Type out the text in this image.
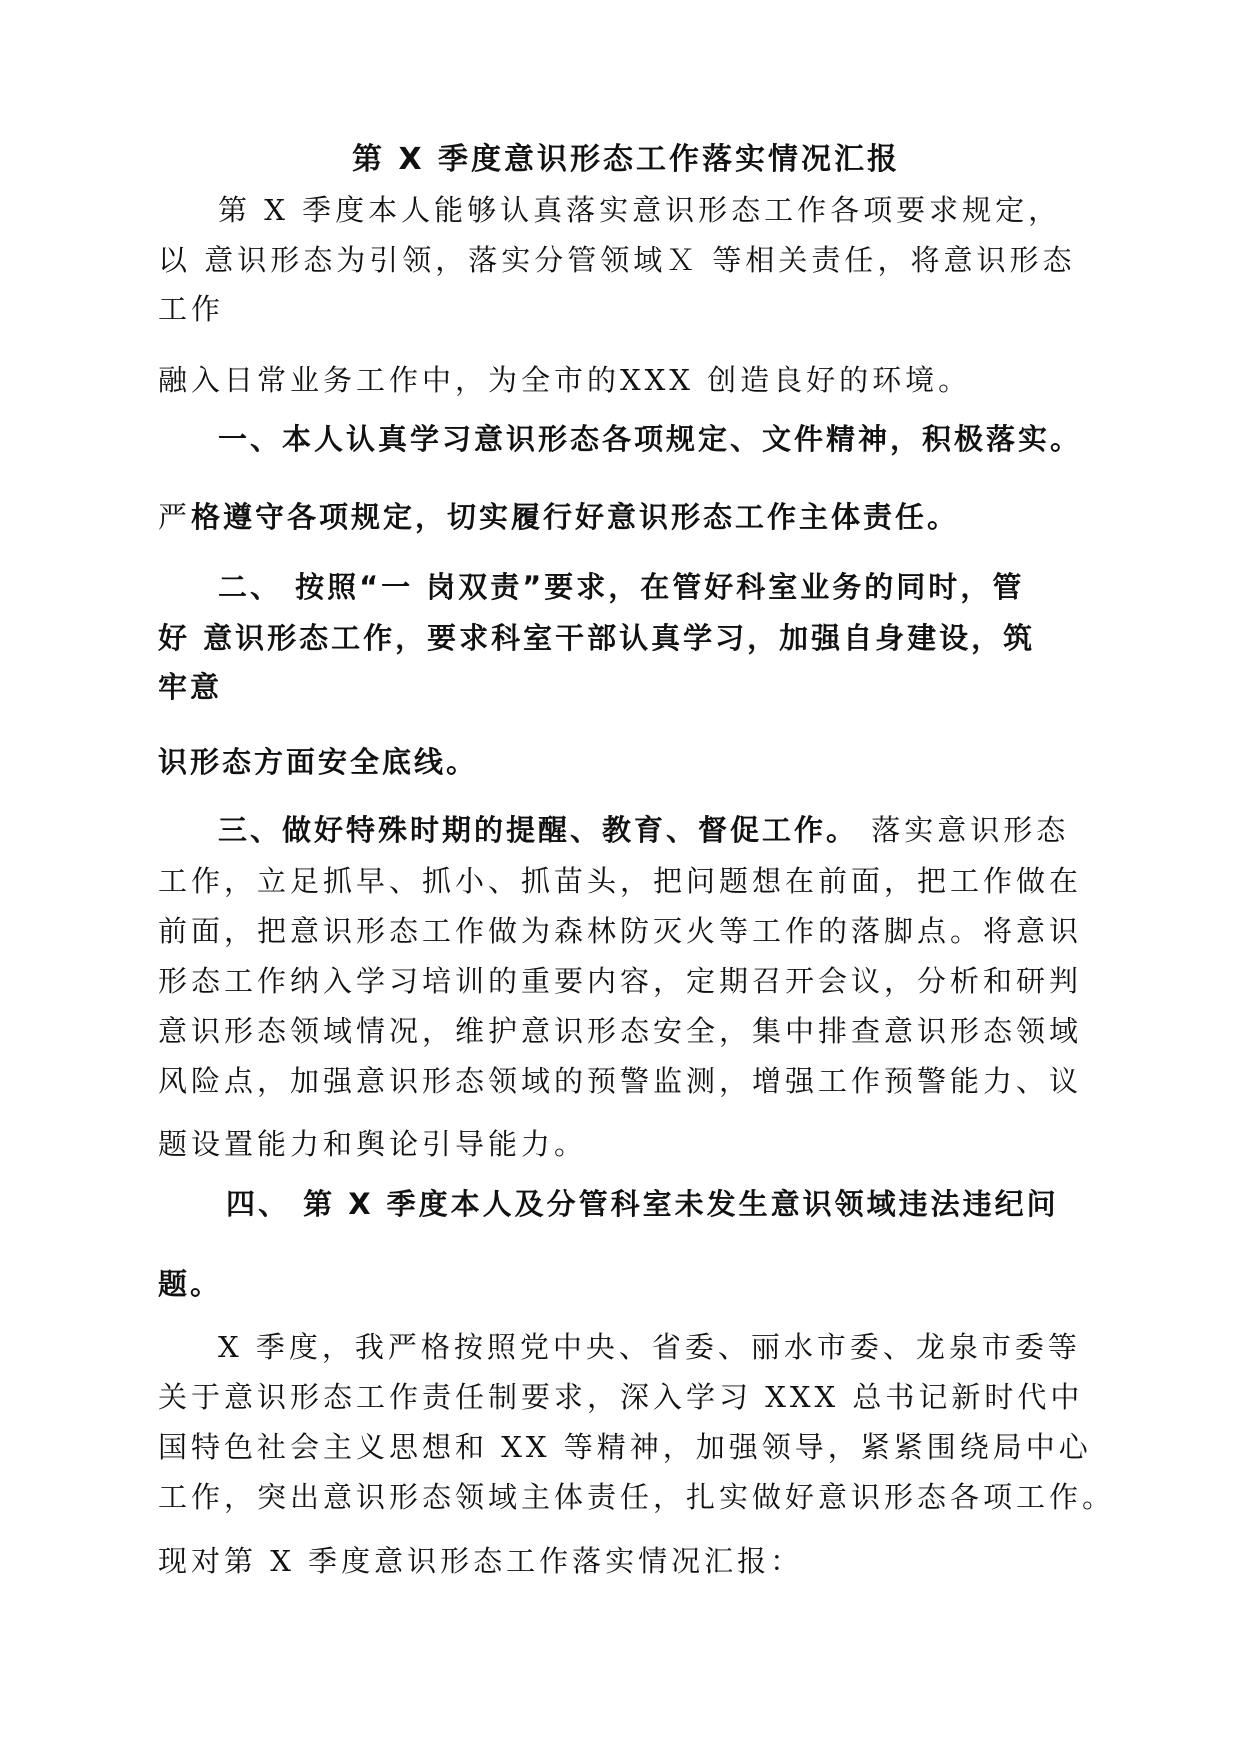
第 X 季度意识形态工作落实情况汇报
第 X 季度本人能够认真落实意识形态工作各项要求规定，
以 意识形态为引领，落实分管领域Ｘ 等相关责任，将意识形态
工作
融入日常业务工作中，为全市的XXX 创造良好的环境。
一、本人认真学习意识形态各项规定、文件精神，积极落实。
严格遵守各项规定，切实履行好意识形态工作主体责任。
二、 按照“一 岗双责”要求，在管好科室业务的同时，管
好 意识形态工作，要求科室干部认真学习，加强自身建设，筑
牢意
识形态方面安全底线。
三、做好特殊时期的提醒、教育、督促工作。 落实意识形态
工作，立足抓早、抓小、抓苗头，把问题想在前面，把工作做在
前面，把意识形态工作做为森林防灭火等工作的落脚点。将意识
形态工作纳入学习培训的重要内容，定期召开会议，分析和研判
意识形态领域情况，维护意识形态安全，集中排查意识形态领域
风险点，加强意识形态领域的预警监测，增强工作预警能力、议
题设置能力和舆论引导能力。
四、 第 X 季度本人及分管科室未发生意识领域违法违纪问
题。
X 季度，我严格按照党中央、省委、丽水市委、龙泉市委等
关于意识形态工作责任制要求，深入学习 XXX 总书记新时代中
国特色社会主义思想和 XX 等精神，加强领导，紧紧围绕局中心
工作，突出意识形态领域主体责任，扎实做好意识形态各项工作。
现对第 X 季度意识形态工作落实情况汇报：
